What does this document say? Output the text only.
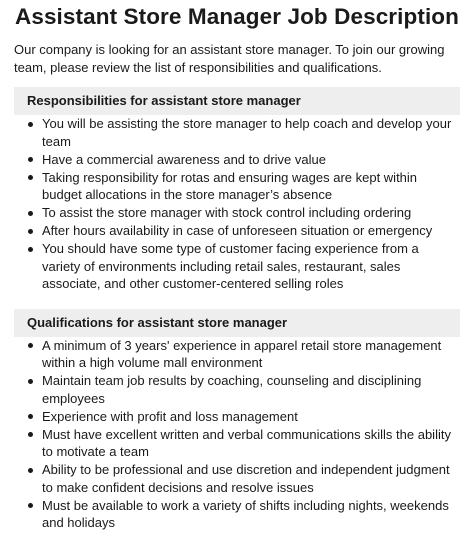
Assistant Store Manager Job Description

Our company is looking for an assistant store manager. To join our growing team, please review the list of responsibilities and qualifications.

Responsibilities for assistant store manager
You will be assisting the store manager to help coach and develop your team
Have a commercial awareness and to drive value
Taking responsibility for rotas and ensuring wages are kept within budget allocations in the store manager’s absence
To assist the store manager with stock control including ordering
After hours availability in case of unforeseen situation or emergency
You should have some type of customer facing experience from a variety of environments including retail sales, restaurant, sales associate, and other customer-centered selling roles
Qualifications for assistant store manager
A minimum of 3 years' experience in apparel retail store management within a high volume mall environment
Maintain team job results by coaching, counseling and disciplining employees
Experience with profit and loss management
Must have excellent written and verbal communications skills the ability to motivate a team
Ability to be professional and use discretion and independent judgment to make confident decisions and resolve issues
Must be available to work a variety of shifts including nights, weekends and holidays
